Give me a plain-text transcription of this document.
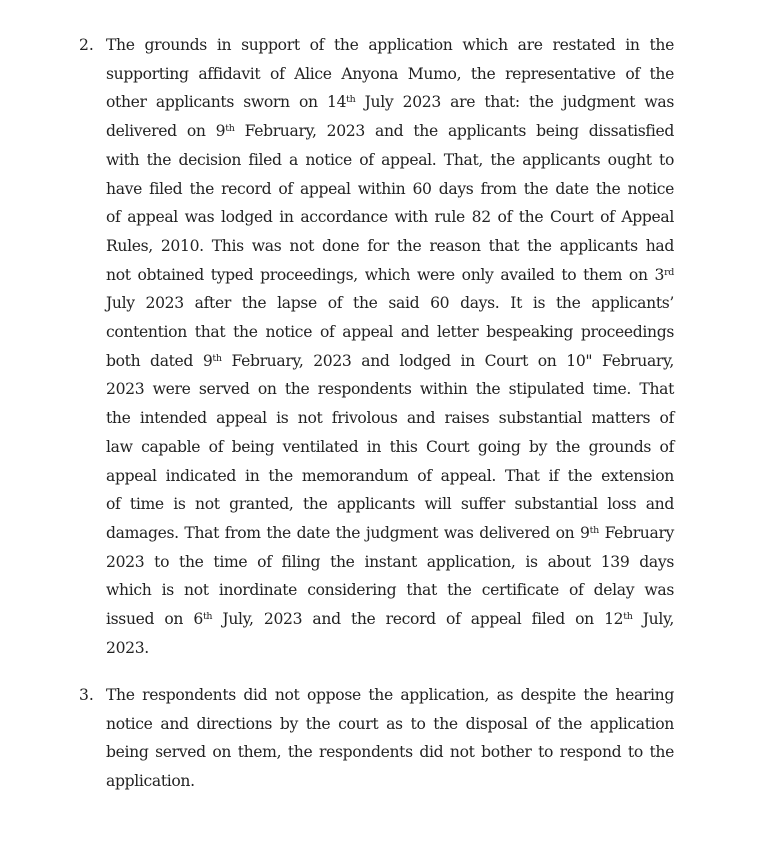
2. The grounds in support of the application which are restated in the
supporting affidavit of Alice Anyona Mumo, the representative of the
other applicants sworn on 14th July 2023 are that: the judgment was
delivered on 9th February, 2023 and the applicants being dissatisfied
with the decision filed a notice of appeal. That, the applicants ought to
have filed the record of appeal within 60 days from the date the notice
of appeal was lodged in accordance with rule 82 of the Court of Appeal
Rules, 2010. This was not done for the reason that the applicants had
not obtained typed proceedings, which were only availed to them on 3rd
July 2023 after the lapse of the said 60 days. It is the applicants’
contention that the notice of appeal and letter bespeaking proceedings
both dated 9th February, 2023 and lodged in Court on 10" February,
2023 were served on the respondents within the stipulated time. That
the intended appeal is not frivolous and raises substantial matters of
law capable of being ventilated in this Court going by the grounds of
appeal indicated in the memorandum of appeal. That if the extension
of time is not granted, the applicants will suffer substantial loss and
damages. That from the date the judgment was delivered on 9th February
2023 to the time of filing the instant application, is about 139 days
which is not inordinate considering that the certificate of delay was
issued on 6th July, 2023 and the record of appeal filed on 12th July,
2023.
3. The respondents did not oppose the application, as despite the hearing
notice and directions by the court as to the disposal of the application
being served on them, the respondents did not bother to respond to the
application.
